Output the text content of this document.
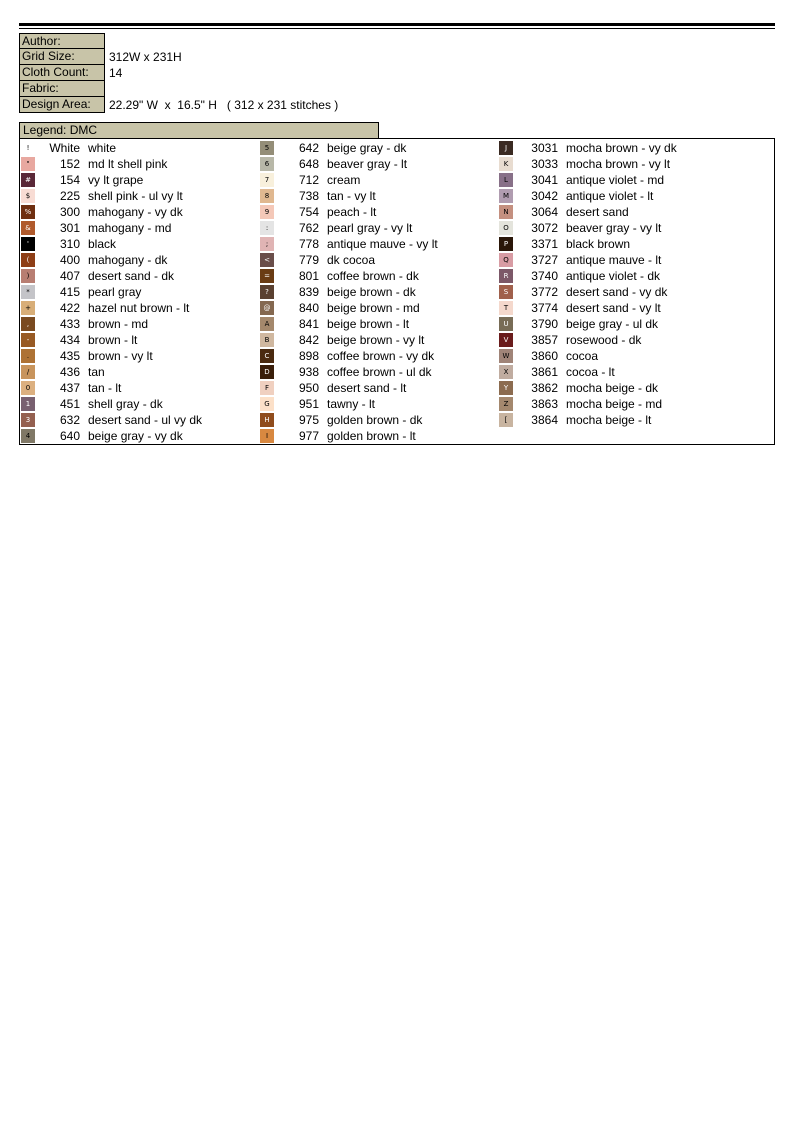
Author:
Grid Size:	312W x 231H
Cloth Count:	14
Fabric:
Design Area:	22.29" W  x  16.5" H   ( 312 x 231 stitches )
Legend: DMC
!	White white
"	152 md lt shell pink
#	154 vy lt grape
$	225 shell pink - ul vy lt
%	300 mahogany - vy dk
&	301 mahogany - md
'	310 black
(	400 mahogany - dk
)	407 desert sand - dk
*	415 pearl gray
+	422 hazel nut brown - lt
,	433 brown - md
-	434 brown - lt
.	435 brown - vy lt
/	436 tan
0	437 tan - lt
1	451 shell gray - dk
3	632 desert sand - ul vy dk
4	640 beige gray - vy dk
5	642 beige gray - dk
6	648 beaver gray - lt
7	712 cream
8	738 tan - vy lt
9	754 peach - lt
:	762 pearl gray - vy lt
;	778 antique mauve - vy lt
<	779 dk cocoa
=	801 coffee brown - dk
?	839 beige brown - dk
@	840 beige brown - md
A	841 beige brown - lt
B	842 beige brown - vy lt
C	898 coffee brown - vy dk
D	938 coffee brown - ul dk
F	950 desert sand - lt
G	951 tawny - lt
H	975 golden brown - dk
I	977 golden brown - lt
J	3031 mocha brown - vy dk
K	3033 mocha brown - vy lt
L	3041 antique violet - md
M	3042 antique violet - lt
N	3064 desert sand
O	3072 beaver gray - vy lt
P	3371 black brown
Q	3727 antique mauve - lt
R	3740 antique violet - dk
S	3772 desert sand - vy dk
T	3774 desert sand - vy lt
U	3790 beige gray - ul dk
V	3857 rosewood - dk
W	3860 cocoa
X	3861 cocoa - lt
Y	3862 mocha beige - dk
Z	3863 mocha beige - md
[	3864 mocha beige - lt
